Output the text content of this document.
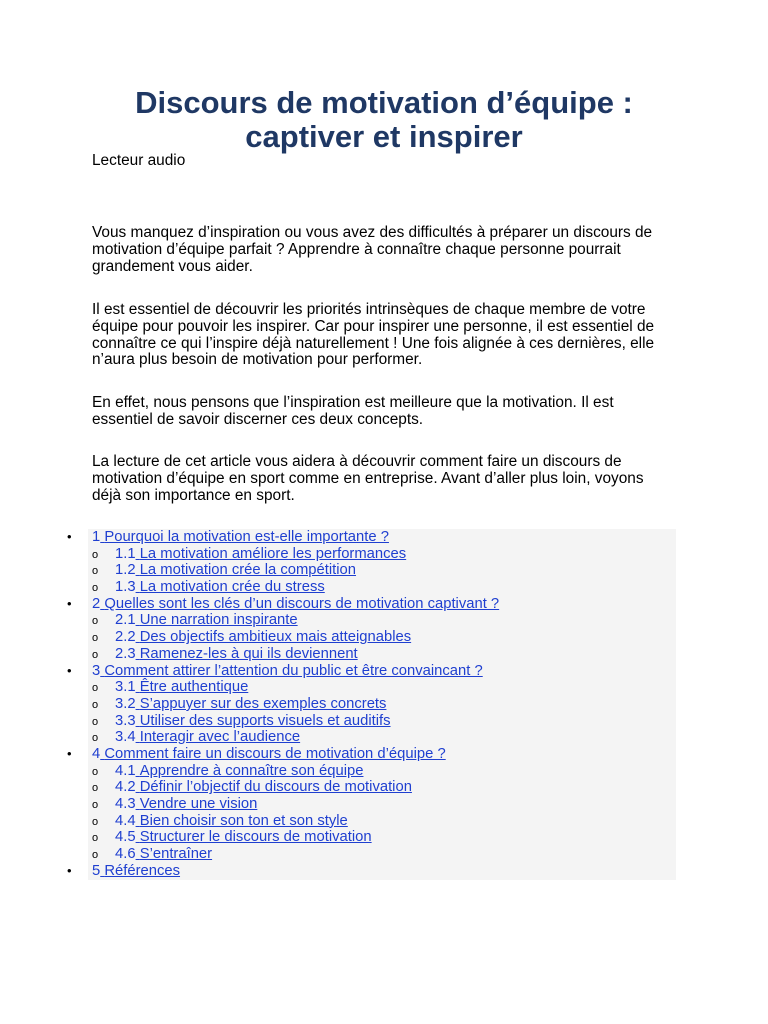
Discours de motivation d’équipe :
captiver et inspirer
Lecteur audio
Vous manquez d’inspiration ou vous avez des difficultés à préparer un discours de
motivation d’équipe parfait ? Apprendre à connaître chaque personne pourrait
grandement vous aider.
Il est essentiel de découvrir les priorités intrinsèques de chaque membre de votre
équipe pour pouvoir les inspirer. Car pour inspirer une personne, il est essentiel de
connaître ce qui l’inspire déjà naturellement ! Une fois alignée à ces dernières, elle
n’aura plus besoin de motivation pour performer.
En effet, nous pensons que l’inspiration est meilleure que la motivation. Il est
essentiel de savoir discerner ces deux concepts.
La lecture de cet article vous aidera à découvrir comment faire un discours de
motivation d’équipe en sport comme en entreprise. Avant d’aller plus loin, voyons
déjà son importance en sport.
• 1 Pourquoi la motivation est-elle importante ?
o 1.1 La motivation améliore les performances
o 1.2 La motivation crée la compétition
o 1.3 La motivation crée du stress
• 2 Quelles sont les clés d’un discours de motivation captivant ?
o 2.1 Une narration inspirante
o 2.2 Des objectifs ambitieux mais atteignables
o 2.3 Ramenez-les à qui ils deviennent
• 3 Comment attirer l’attention du public et être convaincant ?
o 3.1 Être authentique
o 3.2 S’appuyer sur des exemples concrets
o 3.3 Utiliser des supports visuels et auditifs
o 3.4 Interagir avec l’audience
• 4 Comment faire un discours de motivation d’équipe ?
o 4.1 Apprendre à connaître son équipe
o 4.2 Définir l’objectif du discours de motivation
o 4.3 Vendre une vision
o 4.4 Bien choisir son ton et son style
o 4.5 Structurer le discours de motivation
o 4.6 S’entraîner
• 5 Références
